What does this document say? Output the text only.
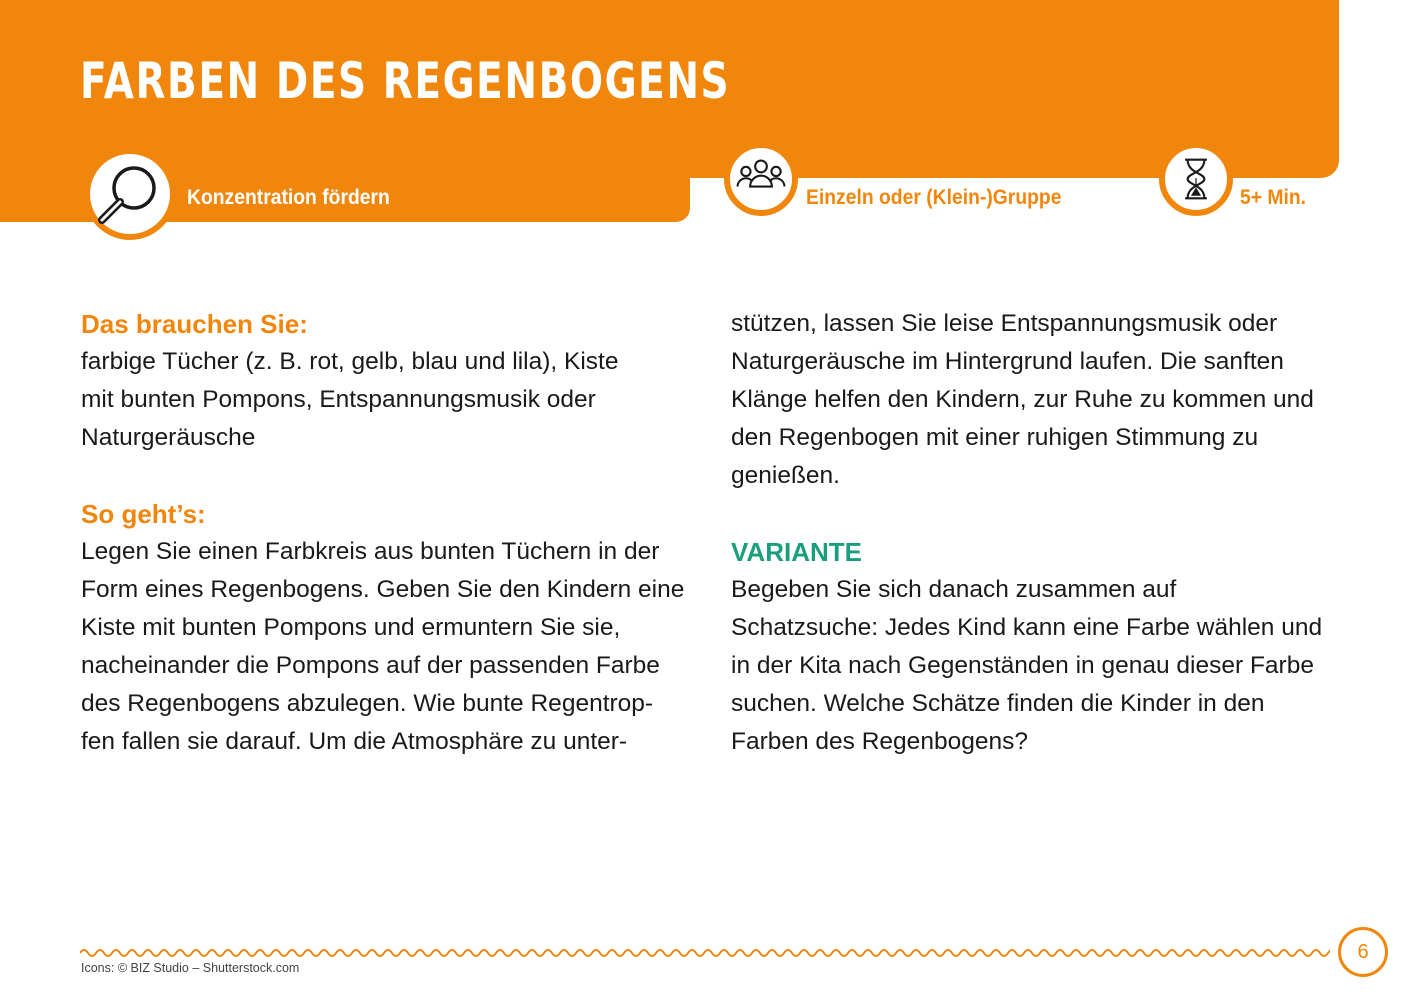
FARBEN DES REGENBOGENS
Konzentration fördern	Einzeln oder (Klein-)Gruppe	5+ Min.
Das brauchen Sie:

farbige Tücher (z. B. rot, gelb, blau und lila), Kiste mit bunten Pompons, Entspannungsmusik oder Naturgeräusche

So geht’s:

Legen Sie einen Farbkreis aus bunten Tüchern in der Form eines Regenbogens. Geben Sie den Kindern eine Kiste mit bunten Pompons und ermuntern Sie sie, nacheinander die Pompons auf der passenden Farbe des Regenbogens abzulegen. Wie bunte Regentrop-fen fallen sie darauf. Um die Atmosphäre zu unter-

stützen, lassen Sie leise Entspannungsmusik oder Naturgeräusche im Hintergrund laufen. Die sanften Klänge helfen den Kindern, zur Ruhe zu kommen und den Regenbogen mit einer ruhigen Stimmung zu genießen.

VARIANTE

Begeben Sie sich danach zusammen auf Schatzsuche: Jedes Kind kann eine Farbe wählen und in der Kita nach Gegenständen in genau dieser Farbe suchen. Welche Schätze finden die Kinder in den Farben des Regenbogens?

6
Icons: © BIZ Studio – Shutterstock.com
